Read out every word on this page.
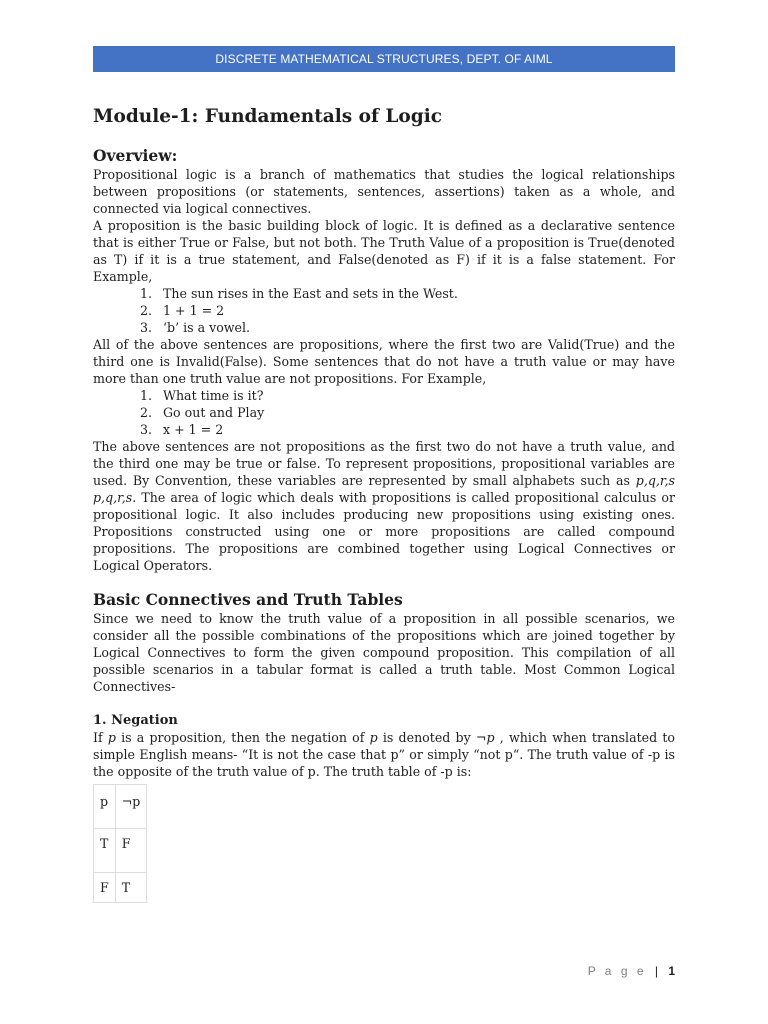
DISCRETE MATHEMATICAL STRUCTURES, DEPT. OF AIML
Module-1: Fundamentals of Logic
Overview:

Propositional logic is a branch of mathematics that studies the logical relationships between propositions (or statements, sentences, assertions) taken as a whole, and connected via logical connectives.

A proposition is the basic building block of logic. It is defined as a declarative sentence that is either True or False, but not both. The Truth Value of a proposition is True(denoted as T) if it is a true statement, and False(denoted as F) if it is a false statement. For Example,

1. The sun rises in the East and sets in the West.
2. 1 + 1 = 2
3. ‘b’ is a vowel.

All of the above sentences are propositions, where the first two are Valid(True) and the third one is Invalid(False). Some sentences that do not have a truth value or may have more than one truth value are not propositions. For Example,

1. What time is it?
2. Go out and Play
3. x + 1 = 2

The above sentences are not propositions as the first two do not have a truth value, and the third one may be true or false. To represent propositions, propositional variables are used. By Convention, these variables are represented by small alphabets such as p,q,r,s p,q,r,s. The area of logic which deals with propositions is called propositional calculus or propositional logic. It also includes producing new propositions using existing ones. Propositions constructed using one or more propositions are called compound propositions. The propositions are combined together using Logical Connectives or Logical Operators.

Basic Connectives and Truth Tables

Since we need to know the truth value of a proposition in all possible scenarios, we consider all the possible combinations of the propositions which are joined together by Logical Connectives to form the given compound proposition. This compilation of all possible scenarios in a tabular format is called a truth table. Most Common Logical Connectives-

1. Negation

If p is a proposition, then the negation of p is denoted by ¬p , which when translated to simple English means- “It is not the case that p” or simply “not p“. The truth value of -p is the opposite of the truth value of p. The truth table of -p is:

p	¬p
T	F
F	T
P a g e | 1
